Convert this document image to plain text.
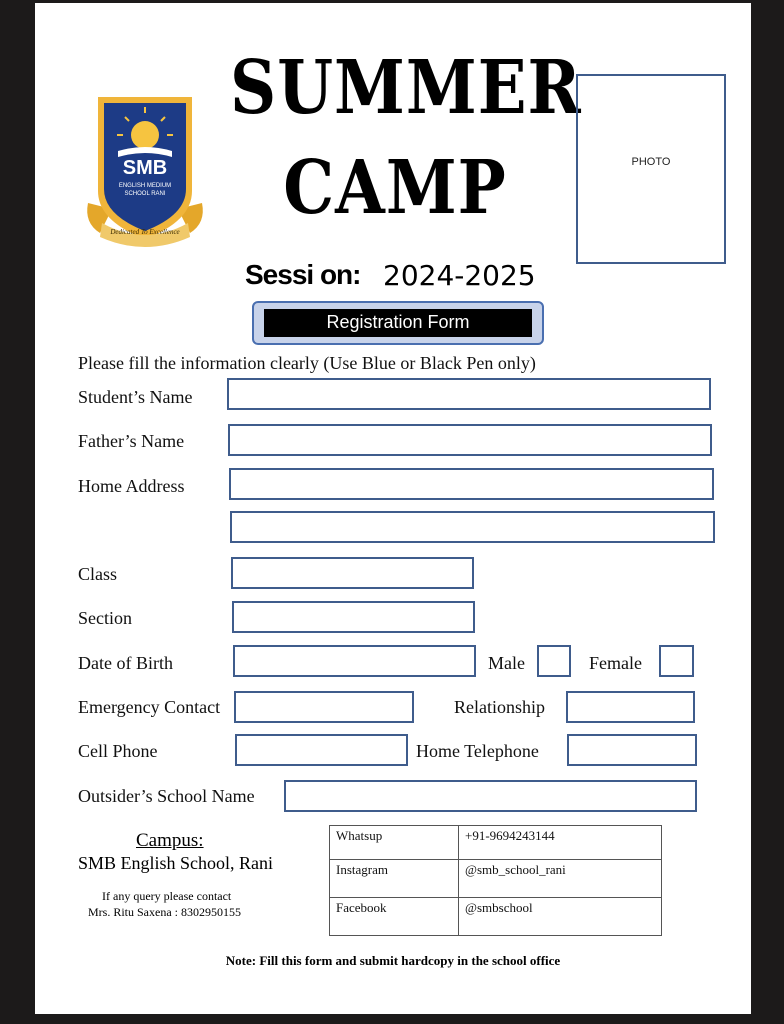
SMB
ENGLISH MEDIUM
SCHOOL RANI
Dedicated To Excellence
SUMMER
CAMP
Sessi on: 2024-2025
PHOTO
Registration Form
Please fill the information clearly (Use Blue or Black Pen only)
Student’s Name
Father’s Name
Home Address
Class
Section
Date of Birth	Male	Female
Emergency Contact	Relationship
Cell Phone	Home Telephone
Outsider’s School Name
Campus:
SMB English School, Rani
If any query please contact
Mrs. Ritu Saxena : 8302950155
Whatsup	+91-9694243144
Instagram	@smb_school_rani
Facebook	@smbschool
Note: Fill this form and submit hardcopy in the school office
